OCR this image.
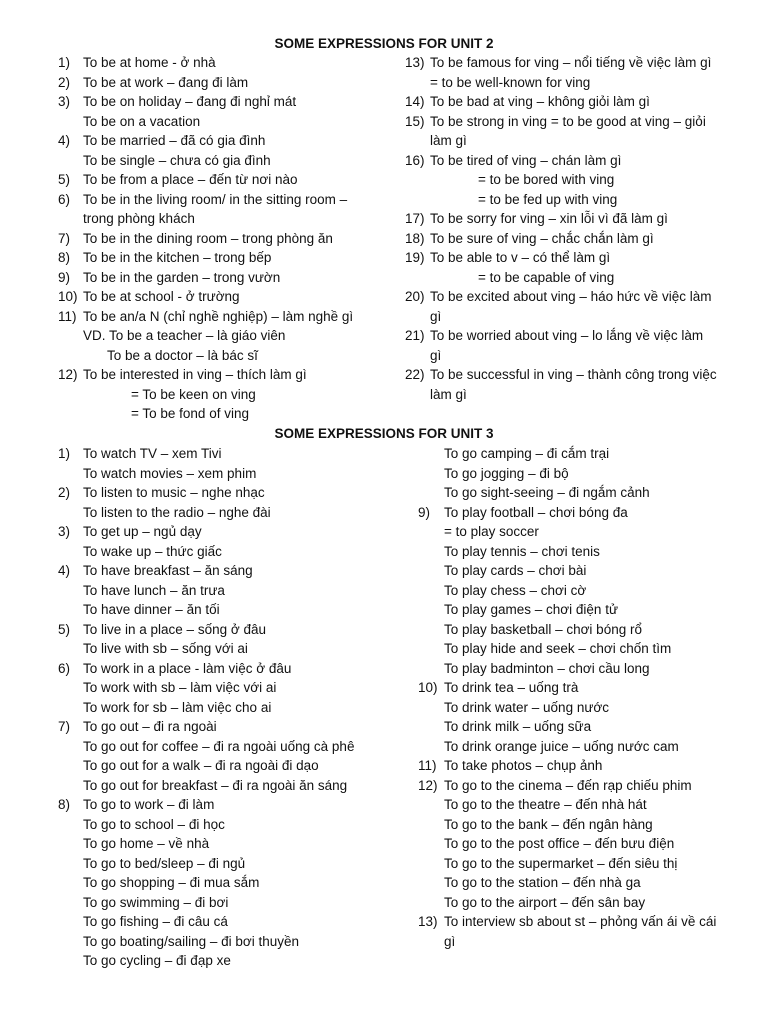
SOME EXPRESSIONS FOR UNIT 2
1) To be at home - ở nhà
2) To be at work – đang đi làm
3) To be on holiday – đang đi nghỉ mát
To be on a vacation
4) To be married – đã có gia đình
To be single – chưa có gia đình
5) To be from a place – đến từ nơi nào
6) To be in the living room/ in the sitting room –
trong phòng khách
7) To be in the dining room – trong phòng ăn
8) To be in the kitchen – trong bếp
9) To be in the garden – trong vườn
10) To be at school - ở trường
11) To be an/a N (chỉ nghề nghiệp) – làm nghề gì
VD. To be a teacher – là giáo viên
To be a doctor – là bác sĩ
12) To be interested in ving – thích làm gì
= To be keen on ving
= To be fond of ving
13) To be famous for ving – nổi tiếng về việc làm gì
= to be well-known for ving
14) To be bad at ving – không giỏi làm gì
15) To be strong in ving = to be good at ving – giỏi
làm gì
16) To be tired of ving – chán làm gì
= to be bored with ving
= to be fed up with ving
17) To be sorry for ving – xin lỗi vì đã làm gì
18) To be sure of ving – chắc chắn làm gì
19) To be able to v – có thể làm gì
= to be capable of ving
20) To be excited about ving – háo hức về việc làm
gì
21) To be worried about ving – lo lắng về việc làm
gì
22) To be successful in ving – thành công trong việc
làm gì
SOME EXPRESSIONS FOR UNIT 3
1) To watch TV – xem Tivi
To watch movies – xem phim
2) To listen to music – nghe nhạc
To listen to the radio – nghe đài
3) To get up – ngủ dạy
To wake up – thức giấc
4) To have breakfast – ăn sáng
To have lunch – ăn trưa
To have dinner – ăn tối
5) To live in a place – sống ở đâu
To live with sb – sống với ai
6) To work in a place - làm việc ở đâu
To work with sb – làm việc với ai
To work for sb – làm việc cho ai
7) To go out – đi ra ngoài
To go out for coffee – đi ra ngoài uống cà phê
To go out for a walk – đi ra ngoài đi dạo
To go out for breakfast – đi ra ngoài ăn sáng
8) To go to work – đi làm
To go to school – đi học
To go home – về nhà
To go to bed/sleep – đi ngủ
To go shopping – đi mua sắm
To go swimming – đi bơi
To go fishing – đi câu cá
To go boating/sailing – đi bơi thuyền
To go cycling – đi đạp xe
To go camping – đi cắm trại
To go jogging – đi bộ
To go sight-seeing – đi ngắm cảnh
9) To play football – chơi bóng đa
= to play soccer
To play tennis – chơi tenis
To play cards – chơi bài
To play chess – chơi cờ
To play games – chơi điện tử
To play basketball – chơi bóng rổ
To play hide and seek – chơi chốn tìm
To play badminton – chơi cầu long
10) To drink tea – uống trà
To drink water – uống nước
To drink milk – uống sữa
To drink orange juice – uống nước cam
11) To take photos – chụp ảnh
12) To go to the cinema – đến rạp chiếu phim
To go to the theatre – đến nhà hát
To go to the bank – đến ngân hàng
To go to the post office – đến bưu điện
To go to the supermarket – đến siêu thị
To go to the station – đến nhà ga
To go to the airport – đến sân bay
13) To interview sb about st – phỏng vấn ái về cái
gì
